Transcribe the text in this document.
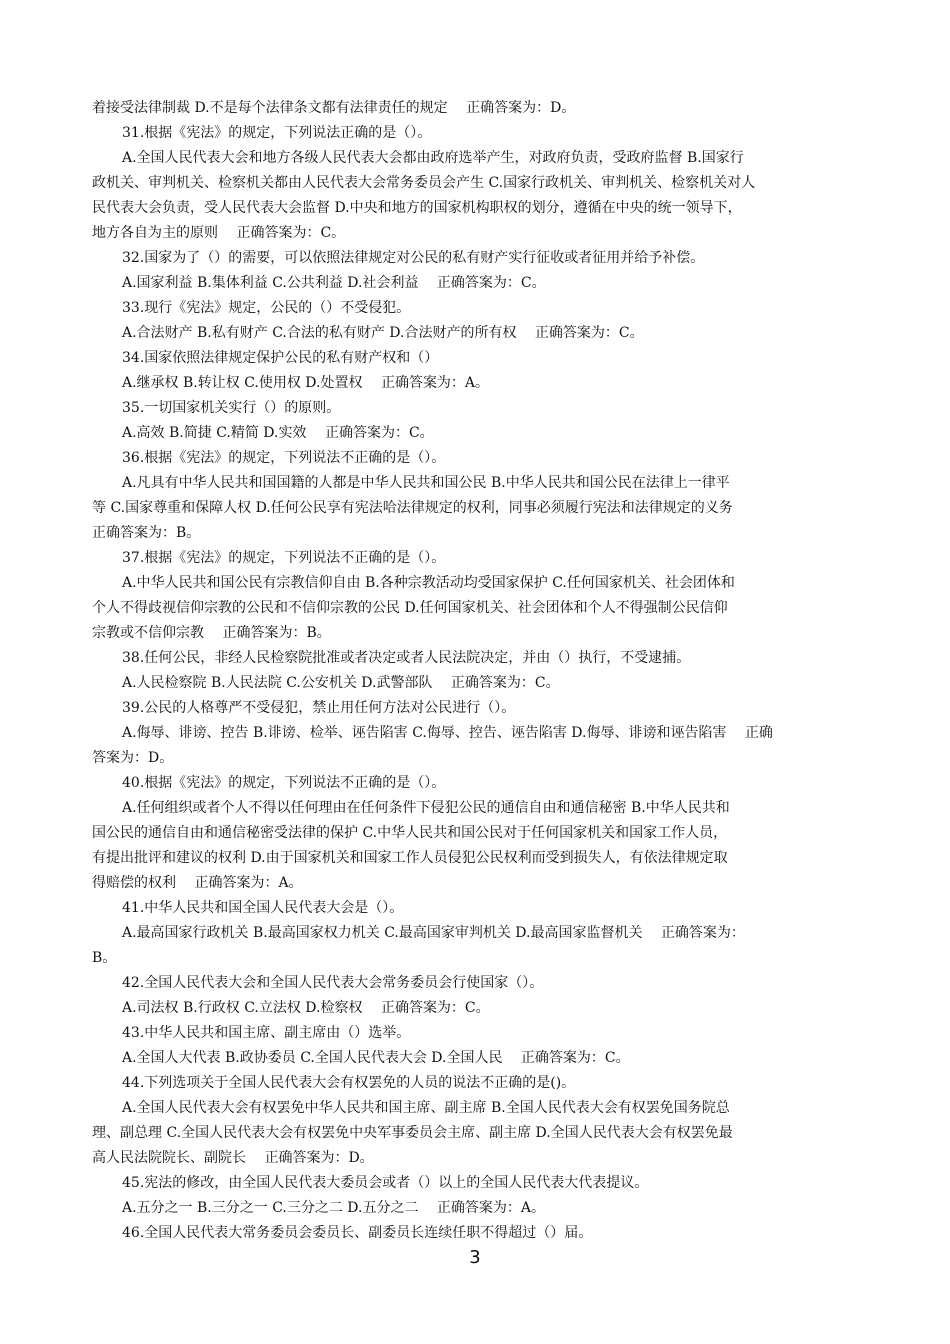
着接受法律制裁 D.不是每个法律条文都有法律责任的规定　 正确答案为：D。
31.根据《宪法》的规定，下列说法正确的是（）。
A.全国人民代表大会和地方各级人民代表大会都由政府选举产生，对政府负责，受政府监督 B.国家行
政机关、审判机关、检察机关都由人民代表大会常务委员会产生 C.国家行政机关、审判机关、检察机关对人
民代表大会负责，受人民代表大会监督 D.中央和地方的国家机构职权的划分，遵循在中央的统一领导下，
地方各自为主的原则　 正确答案为：C。
32.国家为了（）的需要，可以依照法律规定对公民的私有财产实行征收或者征用并给予补偿。
A.国家利益 B.集体利益 C.公共利益 D.社会利益　 正确答案为：C。
33.现行《宪法》规定，公民的（）不受侵犯。
A.合法财产 B.私有财产 C.合法的私有财产 D.合法财产的所有权　 正确答案为：C。
34.国家依照法律规定保护公民的私有财产权和（）
A.继承权 B.转让权 C.使用权 D.处置权　 正确答案为：A。
35.一切国家机关实行（）的原则。
A.高效 B.简捷 C.精简 D.实效　 正确答案为：C。
36.根据《宪法》的规定，下列说法不正确的是（）。
A.凡具有中华人民共和国国籍的人都是中华人民共和国公民 B.中华人民共和国公民在法律上一律平
等 C.国家尊重和保障人权 D.任何公民享有宪法哈法律规定的权利，同事必须履行宪法和法律规定的义务
正确答案为：B。
37.根据《宪法》的规定，下列说法不正确的是（）。
A.中华人民共和国公民有宗教信仰自由 B.各种宗教活动均受国家保护 C.任何国家机关、社会团体和
个人不得歧视信仰宗教的公民和不信仰宗教的公民 D.任何国家机关、社会团体和个人不得强制公民信仰
宗教或不信仰宗教　 正确答案为：B。
38.任何公民，非经人民检察院批准或者决定或者人民法院决定，并由（）执行，不受逮捕。
A.人民检察院 B.人民法院 C.公安机关 D.武警部队　 正确答案为：C。
39.公民的人格尊严不受侵犯，禁止用任何方法对公民进行（）。
A.侮辱、诽谤、控告 B.诽谤、检举、诬告陷害 C.侮辱、控告、诬告陷害 D.侮辱、诽谤和诬告陷害　 正确
答案为：D。
40.根据《宪法》的规定，下列说法不正确的是（）。
A.任何组织或者个人不得以任何理由在任何条件下侵犯公民的通信自由和通信秘密 B.中华人民共和
国公民的通信自由和通信秘密受法律的保护 C.中华人民共和国公民对于任何国家机关和国家工作人员，
有提出批评和建议的权利 D.由于国家机关和国家工作人员侵犯公民权利而受到损失人，有依法律规定取
得赔偿的权利　 正确答案为：A。
41.中华人民共和国全国人民代表大会是（）。
A.最高国家行政机关 B.最高国家权力机关 C.最高国家审判机关 D.最高国家监督机关　 正确答案为：
B。
42.全国人民代表大会和全国人民代表大会常务委员会行使国家（）。
A.司法权 B.行政权 C.立法权 D.检察权　 正确答案为：C。
43.中华人民共和国主席、副主席由（）选举。
A.全国人大代表 B.政协委员 C.全国人民代表大会 D.全国人民　 正确答案为：C。
44.下列选项关于全国人民代表大会有权罢免的人员的说法不正确的是()。
A.全国人民代表大会有权罢免中华人民共和国主席、副主席 B.全国人民代表大会有权罢免国务院总
理、副总理 C.全国人民代表大会有权罢免中央军事委员会主席、副主席 D.全国人民代表大会有权罢免最
高人民法院院长、副院长　 正确答案为：D。
45.宪法的修改，由全国人民代表大委员会或者（）以上的全国人民代表大代表提议。
A.五分之一 B.三分之一 C.三分之二 D.五分之二　 正确答案为：A。
46.全国人民代表大常务委员会委员长、副委员长连续任职不得超过（）届。
3
